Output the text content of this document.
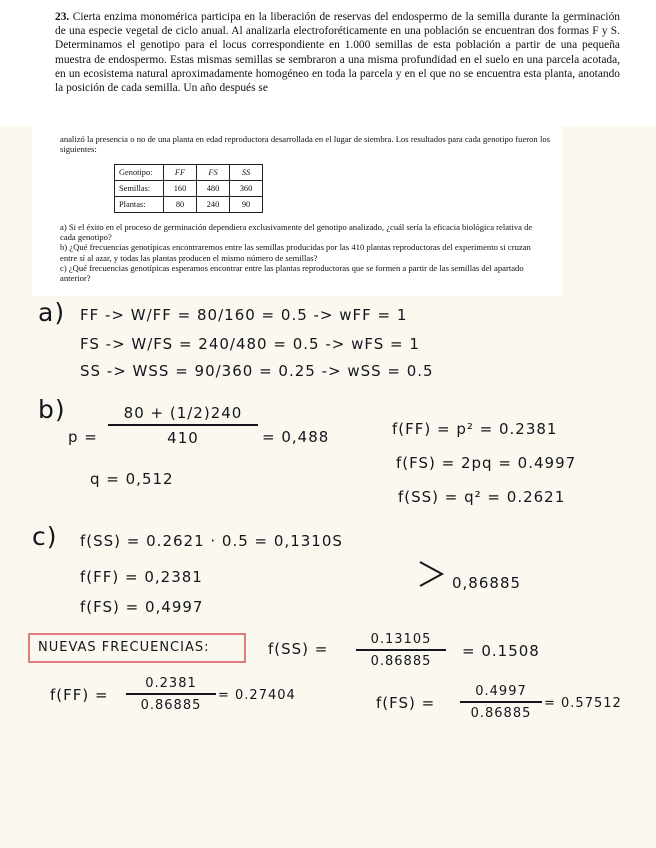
23. Cierta enzima monomérica participa en la liberación de reservas del endospermo de la semilla durante la germinación de una especie vegetal de ciclo anual. Al analizarla electroforéticamente en una población se encuentran dos formas F y S. Determinamos el genotipo para el locus correspondiente en 1.000 semillas de esta población a partir de una pequeña muestra de endospermo. Estas mismas semillas se sembraron a una misma profundidad en el suelo en una parcela acotada, en un ecosistema natural aproximadamente homogéneo en toda la parcela y en el que no se encuentra esta planta, anotando la posición de cada semilla. Un año después se
analizó la presencia o no de una planta en edad reproductora desarrollada en el lugar de siembra. Los resultados para cada genotipo fueron los siguientes:
Genotipo:	FF	FS	SS
Semillas:	160	480	360
Plantas:	80	240	90
a) Si el éxito en el proceso de germinación dependiera exclusivamente del genotipo analizado, ¿cuál sería la eficacia biológica relativa de cada genotipo?
b) ¿Qué frecuencias genotípicas encontraremos entre las semillas producidas por las 410 plantas reproductoras del experimento si cruzan entre sí al azar, y todas las plantas producen el mismo número de semillas?
c) ¿Qué frecuencias genotípicas esperamos encontrar entre las plantas reproductoras que se formen a partir de las semillas del apartado anterior?
a) FF -> W/FF = 80/160 = 0.5 -> wFF = 1
FS -> W/FS = 240/480 = 0.5 -> wFS = 1
SS -> WSS = 90/360 = 0.25 -> wSS = 0.5
b)
$p = \frac{80 + (1/2)240}{410} = 0,488$
q = 0,512
f(FF) = p² = 0.2381
f(FS) = 2pq = 0.4997
f(SS) = q² = 0.2621
c) f(SS) = 0.2621 · 0.5 = 0,1310S
f(FF) = 0,2381
f(FS) = 0,4997
0,86885
NUEVAS FRECUENCIAS:	$f(SS) = \frac{0.13105}{0.86885} = 0.1508$
$f(FF) = \frac{0.2381}{0.86885} = 0.27404$	$f(FS) = \frac{0.4997}{0.86885} = 0.57512$
